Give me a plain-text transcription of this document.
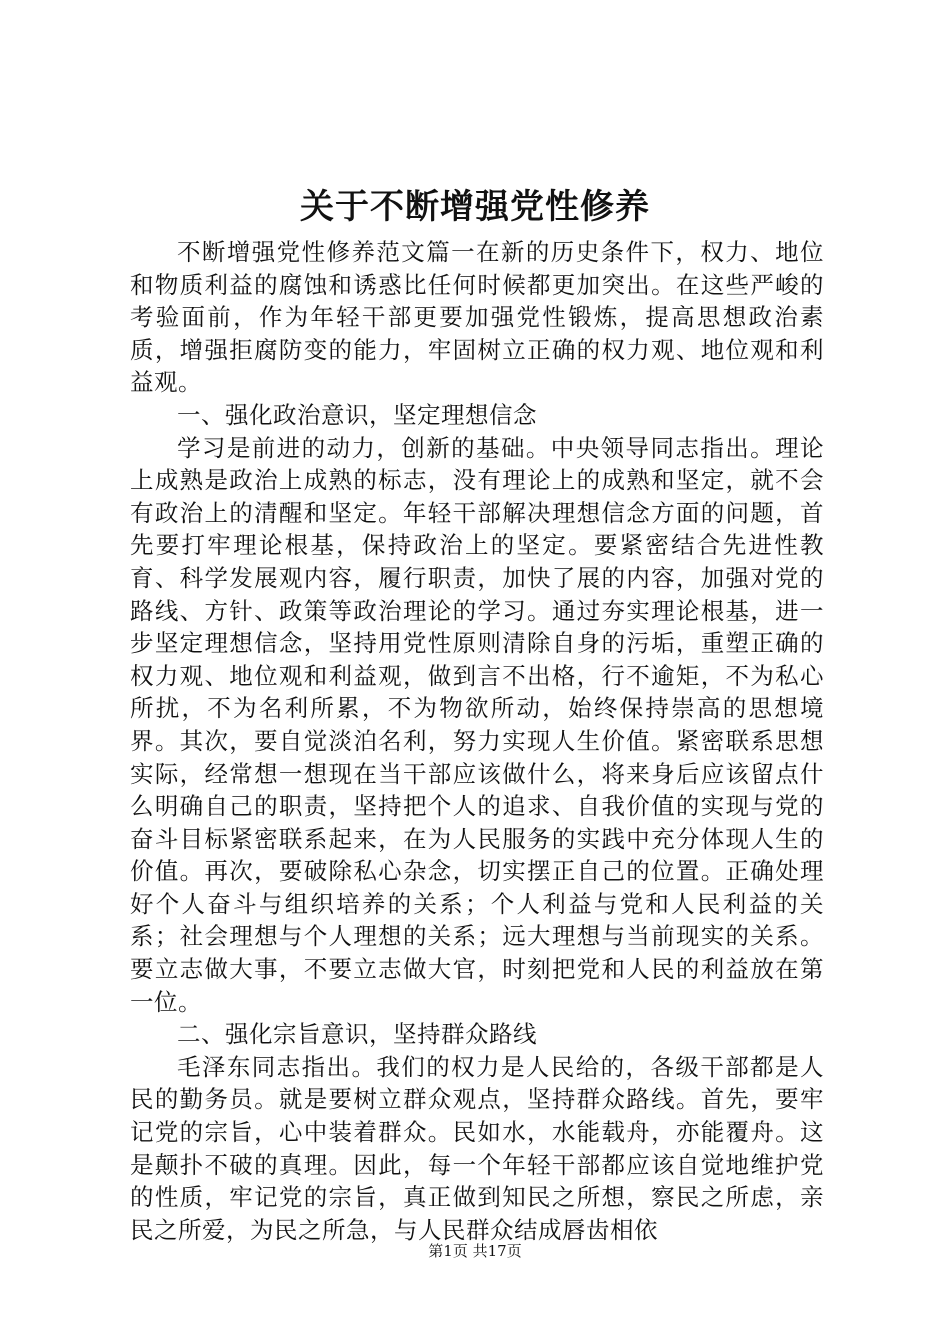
关于不断增强党性修养

不断增强党性修养范文篇一在新的历史条件下，权力、地位和物质利益的腐蚀和诱惑比任何时候都更加突出。在这些严峻的考验面前，作为年轻干部更要加强党性锻炼，提高思想政治素质，增强拒腐防变的能力，牢固树立正确的权力观、地位观和利益观。

一、强化政治意识，坚定理想信念

学习是前进的动力，创新的基础。中央领导同志指出。理论上成熟是政治上成熟的标志，没有理论上的成熟和坚定，就不会有政治上的清醒和坚定。年轻干部解决理想信念方面的问题，首先要打牢理论根基，保持政治上的坚定。要紧密结合先进性教育、科学发展观内容，履行职责，加快了展的内容，加强对党的路线、方针、政策等政治理论的学习。通过夯实理论根基，进一步坚定理想信念，坚持用党性原则清除自身的污垢，重塑正确的权力观、地位观和利益观，做到言不出格，行不逾矩，不为私心所扰，不为名利所累，不为物欲所动，始终保持崇高的思想境界。其次，要自觉淡泊名利，努力实现人生价值。紧密联系思想实际，经常想一想现在当干部应该做什么，将来身后应该留点什么明确自己的职责，坚持把个人的追求、自我价值的实现与党的奋斗目标紧密联系起来，在为人民服务的实践中充分体现人生的价值。再次，要破除私心杂念，切实摆正自己的位置。正确处理好个人奋斗与组织培养的关系；个人利益与党和人民利益的关系；社会理想与个人理想的关系；远大理想与当前现实的关系。要立志做大事，不要立志做大官，时刻把党和人民的利益放在第一位。

二、强化宗旨意识，坚持群众路线

毛泽东同志指出。我们的权力是人民给的，各级干部都是人民的勤务员。就是要树立群众观点，坚持群众路线。首先，要牢记党的宗旨，心中装着群众。民如水，水能载舟，亦能覆舟。这是颠扑不破的真理。因此，每一个年轻干部都应该自觉地维护党的性质，牢记党的宗旨，真正做到知民之所想，察民之所虑，亲民之所爱，为民之所急，与人民群众结成唇齿相依

第1页 共17页
